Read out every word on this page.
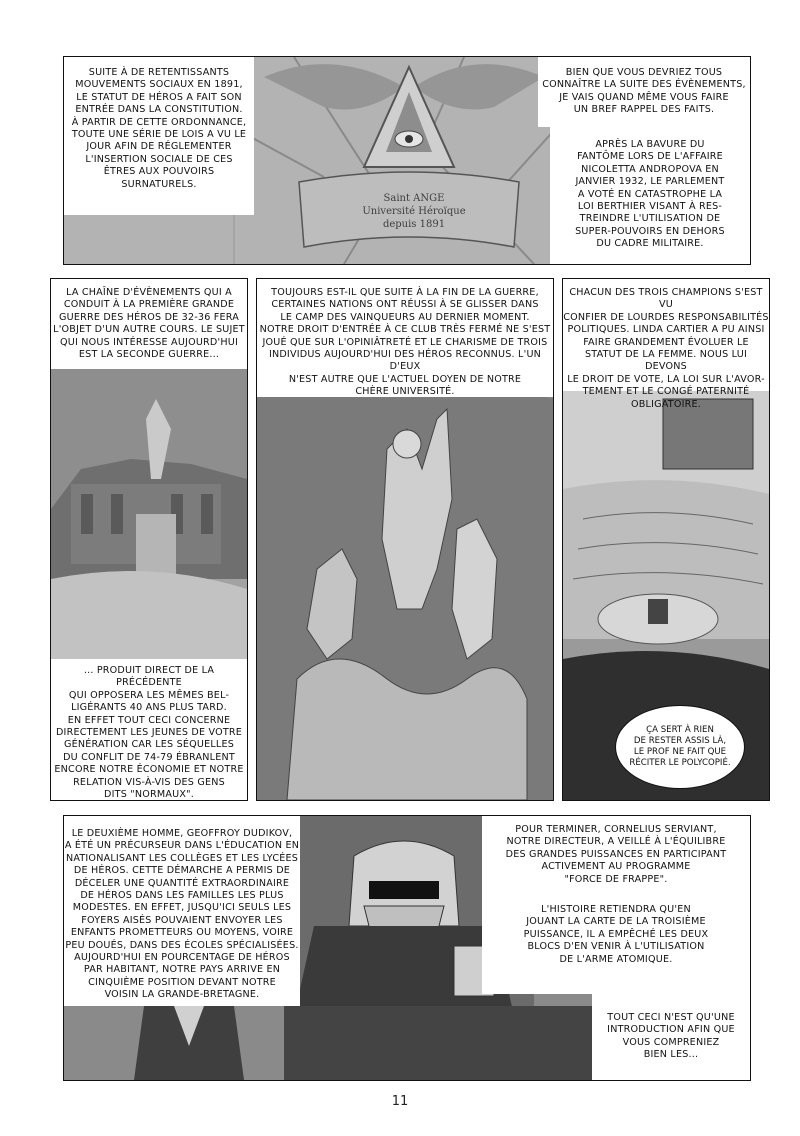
Saint ANGE
Université Héroïque
depuis 1891
SUITE À DE RETENTISSANTS
MOUVEMENTS SOCIAUX EN 1891,
LE STATUT DE HÉROS A FAIT SON
ENTRÉE DANS LA CONSTITUTION.
À PARTIR DE CETTE ORDONNANCE,
TOUTE UNE SÉRIE DE LOIS A VU LE
JOUR AFIN DE RÉGLEMENTER
L'INSERTION SOCIALE DE CES
ÊTRES AUX POUVOIRS
SURNATURELS.
BIEN QUE VOUS DEVRIEZ TOUS
CONNAÎTRE LA SUITE DES ÉVÈNEMENTS,
JE VAIS QUAND MÊME VOUS FAIRE
UN BREF RAPPEL DES FAITS.
APRÈS LA BAVURE DU
FANTÔME LORS DE L'AFFAIRE
NICOLETTA ANDROPOVA EN
JANVIER 1932, LE PARLEMENT
A VOTÉ EN CATASTROPHE LA
LOI BERTHIER VISANT À RES-
TREINDRE L'UTILISATION DE
SUPER-POUVOIRS EN DEHORS
DU CADRE MILITAIRE.
LA CHAÎNE D'ÉVÈNEMENTS QUI A
CONDUIT À LA PREMIÈRE GRANDE
GUERRE DES HÉROS DE 32-36 FERA
L'OBJET D'UN AUTRE COURS. LE SUJET
QUI NOUS INTÉRESSE AUJOURD'HUI
EST LA SECONDE GUERRE...
... PRODUIT DIRECT DE LA PRÉCÉDENTE
QUI OPPOSERA LES MÊMES BEL-
LIGÉRANTS 40 ANS PLUS TARD.
EN EFFET TOUT CECI CONCERNE
DIRECTEMENT LES JEUNES DE VOTRE
GÉNÉRATION CAR LES SÉQUELLES
DU CONFLIT DE 74-79 ÉBRANLENT
ENCORE NOTRE ÉCONOMIE ET NOTRE
RELATION VIS-À-VIS DES GENS
DITS "NORMAUX".
TOUJOURS EST-IL QUE SUITE À LA FIN DE LA GUERRE,
CERTAINES NATIONS ONT RÉUSSI À SE GLISSER DANS
LE CAMP DES VAINQUEURS AU DERNIER MOMENT.
NOTRE DROIT D'ENTRÉE À CE CLUB TRÈS FERMÉ NE S'EST
JOUÉ QUE SUR L'OPINIÂTRETÉ ET LE CHARISME DE TROIS
INDIVIDUS AUJOURD'HUI DES HÉROS RECONNUS. L'UN D'EUX
N'EST AUTRE QUE L'ACTUEL DOYEN DE NOTRE
CHÈRE UNIVERSITÉ.
CHACUN DES TROIS CHAMPIONS S'EST VU
CONFIER DE LOURDES RESPONSABILITÉS
POLITIQUES. LINDA CARTIER A PU AINSI
FAIRE GRANDEMENT ÉVOLUER LE
STATUT DE LA FEMME. NOUS LUI DEVONS
LE DROIT DE VOTE, LA LOI SUR L'AVOR-
TEMENT ET LE CONGÉ PATERNITÉ
OBLIGATOIRE.
ÇA SERT À RIEN
DE RESTER ASSIS LÀ,
LE PROF NE FAIT QUE
RÉCITER LE POLYCOPIÉ.
LE DEUXIÈME HOMME, GEOFFROY DUDIKOV,
A ÉTÉ UN PRÉCURSEUR DANS L'ÉDUCATION EN
NATIONALISANT LES COLLÈGES ET LES LYCÉES
DE HÉROS. CETTE DÉMARCHE A PERMIS DE
DÉCELER UNE QUANTITÉ EXTRAORDINAIRE
DE HÉROS DANS LES FAMILLES LES PLUS
MODESTES. EN EFFET, JUSQU'ICI SEULS LES
FOYERS AISÉS POUVAIENT ENVOYER LES
ENFANTS PROMETTEURS OU MOYENS, VOIRE
PEU DOUÉS, DANS DES ÉCOLES SPÉCIALISÉES.
AUJOURD'HUI EN POURCENTAGE DE HÉROS
PAR HABITANT, NOTRE PAYS ARRIVE EN
CINQUIÈME POSITION DEVANT NOTRE
VOISIN LA GRANDE-BRETAGNE.
POUR TERMINER, CORNELIUS SERVIANT,
NOTRE DIRECTEUR, A VEILLÉ À L'ÉQUILIBRE
DES GRANDES PUISSANCES EN PARTICIPANT
ACTIVEMENT AU PROGRAMME
"FORCE DE FRAPPE".
L'HISTOIRE RETIENDRA QU'EN
JOUANT LA CARTE DE LA TROISIÈME
PUISSANCE, IL A EMPÊCHÉ LES DEUX
BLOCS D'EN VENIR À L'UTILISATION
DE L'ARME ATOMIQUE.
TOUT CECI N'EST QU'UNE
INTRODUCTION AFIN QUE
VOUS COMPRENIEZ
BIEN LES...
11
